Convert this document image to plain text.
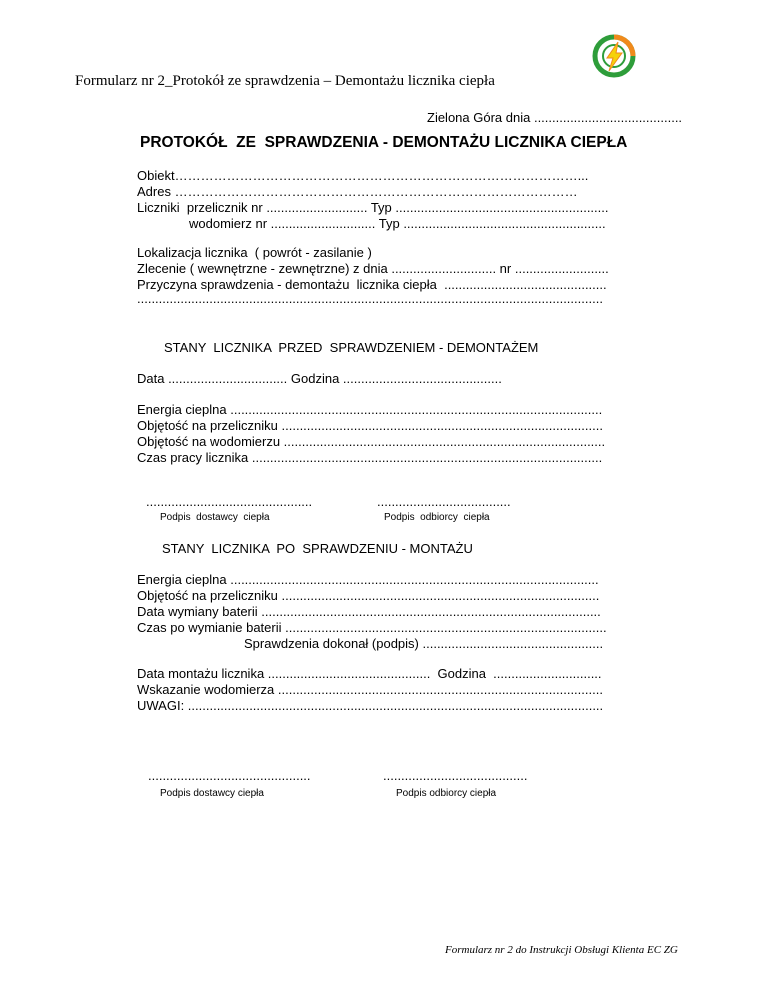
Formularz nr 2_Protokół ze sprawdzenia – Demontażu licznika ciepła
Zielona Góra dnia .........................................
PROTOKÓŁ  ZE  SPRAWDZENIA - DEMONTAŻU LICZNIKA CIEPŁA
Obiekt…………………………………………………………………………………...
Adres …………………………………………………………………………………
Liczniki  przelicznik nr ............................ Typ ...........................................................
wodomierz nr ............................. Typ ........................................................
Lokalizacja licznika  ( powrót - zasilanie )
Zlecenie ( wewnętrzne - zewnętrzne) z dnia ............................. nr ..........................
Przyczyna sprawdzenia - demontażu  licznika ciepła  .............................................
.................................................................................................................................
STANY  LICZNIKA  PRZED  SPRAWDZENIEM - DEMONTAŻEM
Data ................................. Godzina ............................................
Energia cieplna .......................................................................................................
Objętość na przeliczniku .........................................................................................
Objętość na wodomierzu .........................................................................................
Czas pracy licznika .................................................................................................
..............................................
Podpis  dostawcy  ciepła
.....................................
Podpis  odbiorcy  ciepła
STANY  LICZNIKA  PO  SPRAWDZENIU - MONTAŻU
Energia cieplna ......................................................................................................
Objętość na przeliczniku ........................................................................................
Data wymiany baterii ..............................................................................................
Czas po wymianie baterii .........................................................................................
Sprawdzenia dokonał (podpis) ..................................................
Data montażu licznika .............................................  Godzina  ..............................
Wskazanie wodomierza ..........................................................................................
UWAGI: ...................................................................................................................
.............................................
Podpis dostawcy ciepła
........................................
Podpis odbiorcy ciepła
Formularz nr 2 do Instrukcji Obsługi Klienta EC ZG
